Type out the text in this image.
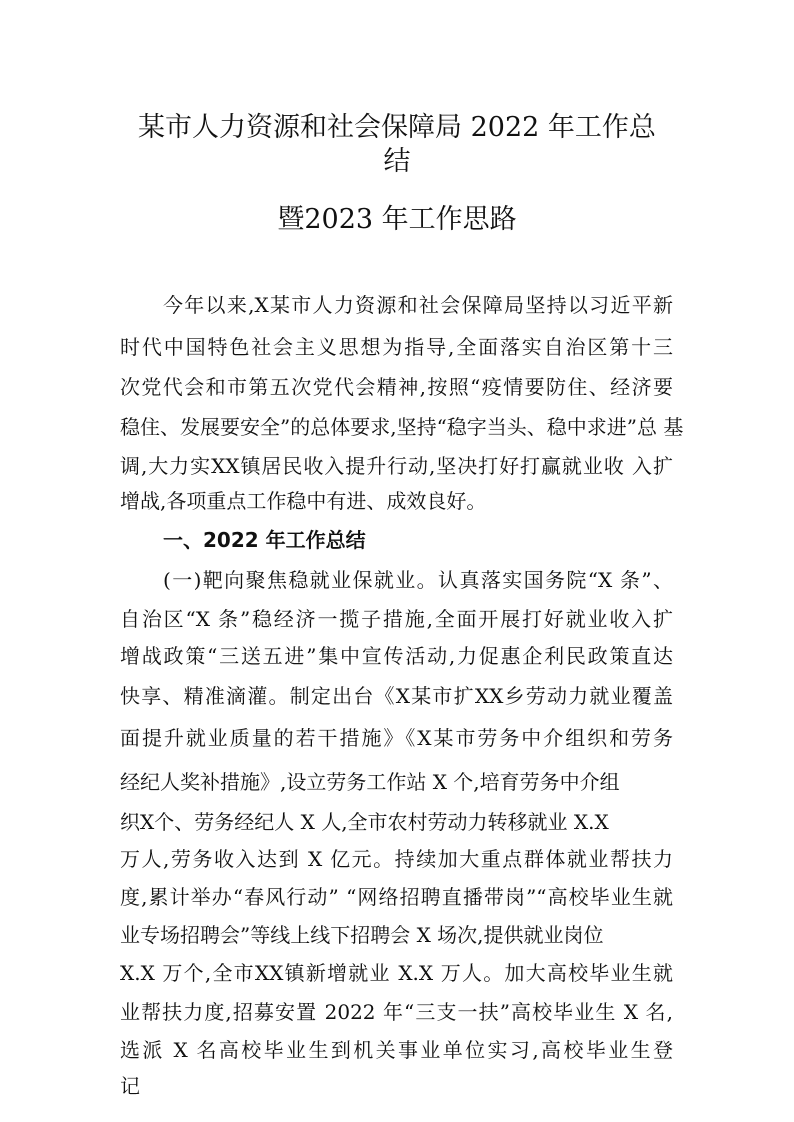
某市人力资源和社会保障局 2022 年工作总
结
暨2023 年工作思路
今年以来,X某市人力资源和社会保障局坚持以习近平新
时代中国特色社会主义思想为指导,全面落实自治区第十三
次党代会和市第五次党代会精神,按照“疫情要防住、经济要
稳住、发展要安全”的总体要求,坚持“稳字当头、稳中求进”总 基
调,大力实XX镇居民收入提升行动,坚决打好打赢就业收 入扩
增战,各项重点工作稳中有进、成效良好。
一、2022 年工作总结
(一)靶向聚焦稳就业保就业。认真落实国务院“X 条”、
自治区“X 条”稳经济一揽子措施,全面开展打好就业收入扩
增战政策“三送五进”集中宣传活动,力促惠企利民政策直达
快享、精准滴灌。制定出台《X某市扩XX乡劳动力就业覆盖
面提升就业质量的若干措施》《X某市劳务中介组织和劳务
经纪人奖补措施》,设立劳务工作站 X 个,培育劳务中介组
织X个、劳务经纪人 X 人,全市农村劳动力转移就业 X.X
万人,劳务收入达到 X 亿元。持续加大重点群体就业帮扶力
度,累计举办“春风行动” “网络招聘直播带岗”“高校毕业生就
业专场招聘会”等线上线下招聘会 X 场次,提供就业岗位
X.X 万个,全市XX镇新增就业 X.X 万人。加大高校毕业生就
业帮扶力度,招募安置 2022 年“三支一扶”高校毕业生 X 名,
选派 X 名高校毕业生到机关事业单位实习,高校毕业生登
记
